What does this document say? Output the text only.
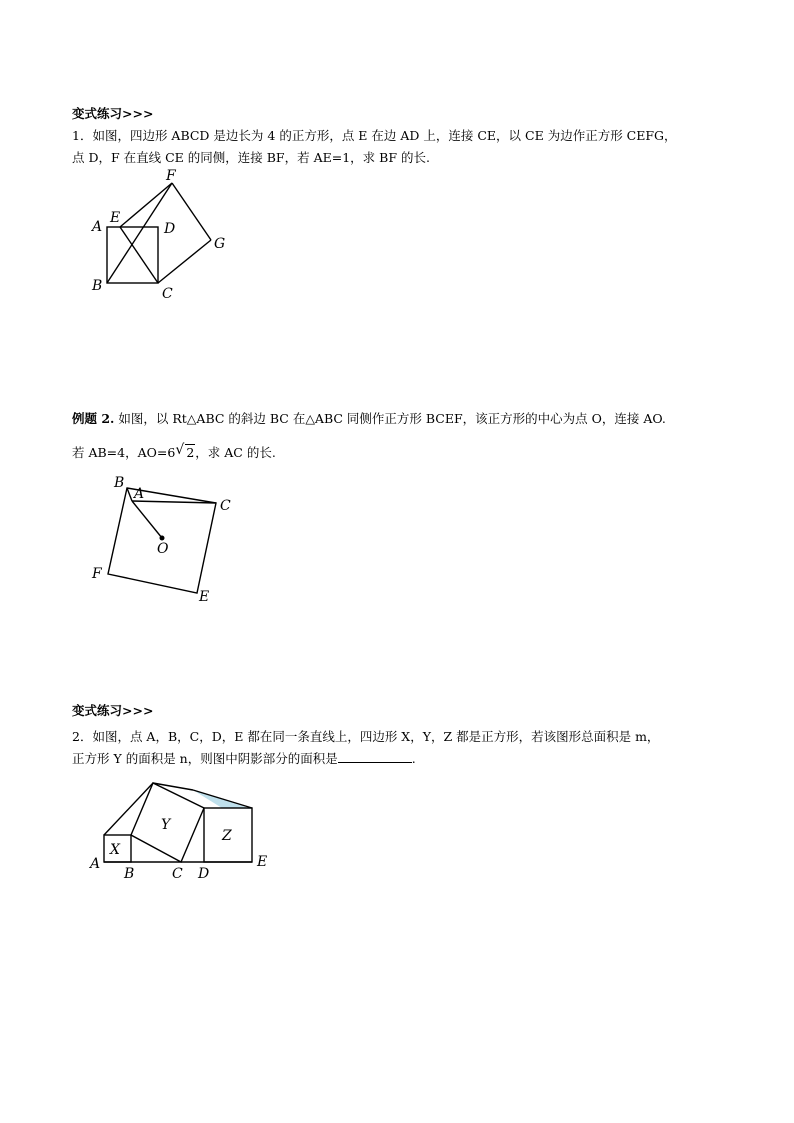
变式练习>>>
1．如图，四边形 ABCD 是边长为 4 的正方形，点 E 在边 AD 上，连接 CE，以 CE 为边作正方形 CEFG，
点 D，F 在直线 CE 的同侧，连接 BF，若 AE=1，求 BF 的长.
A
E
D
F
G
B	C
例题 2. 如图，以 Rt△ABC 的斜边 BC 在△ABC 同侧作正方形 BCEF，该正方形的中心为点 O，连接 AO.
若 AB=4，AO=6 √ 2，求 AC 的长.
B
A
C
O
F
E
变式练习>>>
2．如图，点 A，B，C，D，E 都在同一条直线上，四边形 X，Y，Z 都是正方形，若该图形总面积是 m，
正方形 Y 的面积是 n，则图中阴影部分的面积是	.
X
Y
Z
A
B	C D
E
